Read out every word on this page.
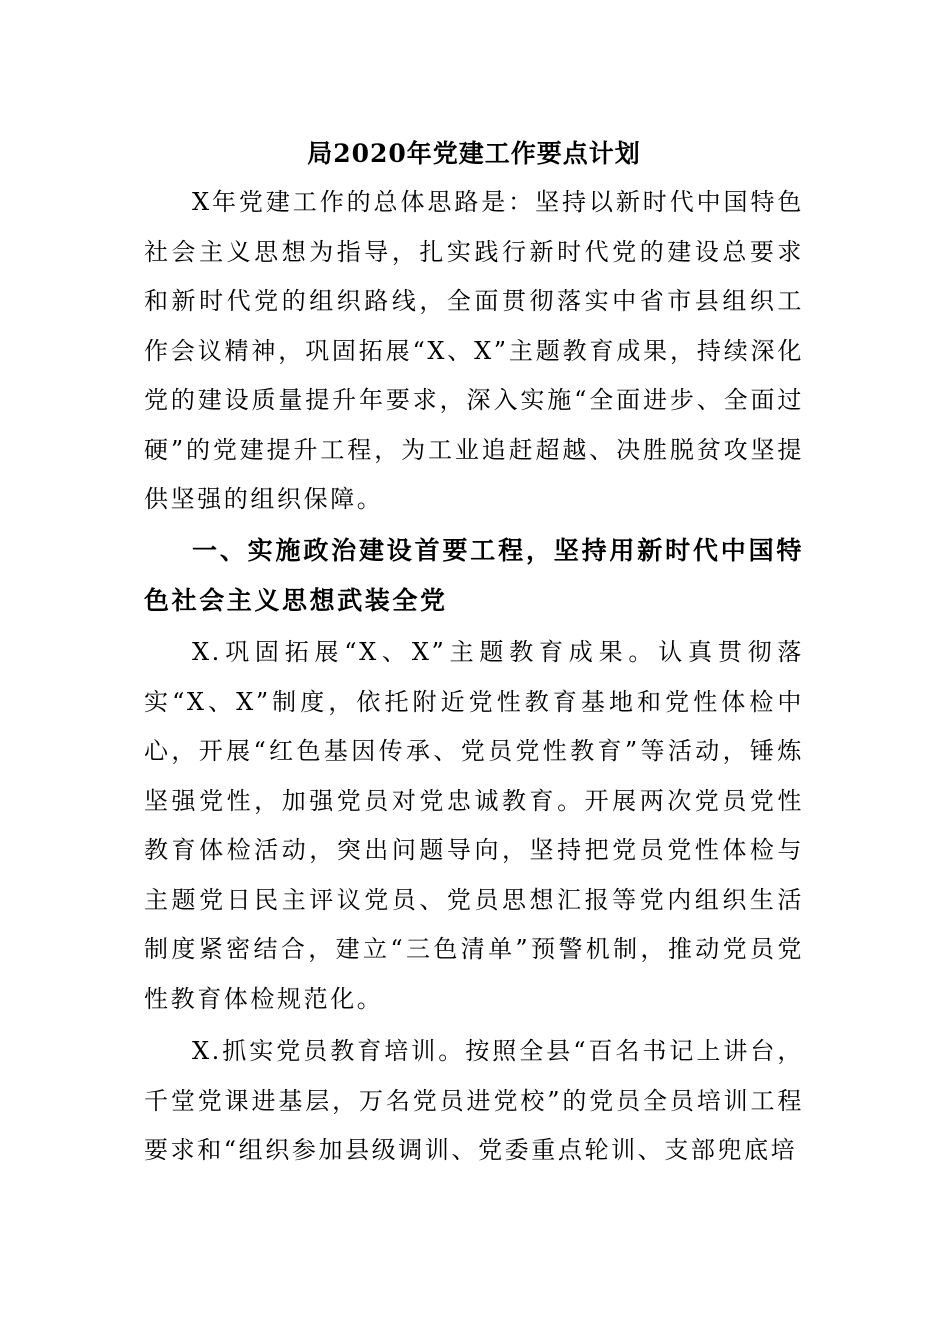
局2020年党建工作要点计划

X年党建工作的总体思路是：坚持以新时代中国特色社会主义思想为指导，扎实践行新时代党的建设总要求和新时代党的组织路线，全面贯彻落实中省市县组织工作会议精神，巩固拓展“X、X”主题教育成果，持续深化党的建设质量提升年要求，深入实施“全面进步、全面过硬”的党建提升工程，为工业追赶超越、决胜脱贫攻坚提供坚强的组织保障。

一、实施政治建设首要工程，坚持用新时代中国特色社会主义思想武装全党

X.巩固拓展“X、X”主题教育成果。认真贯彻落实“X、X”制度，依托附近党性教育基地和党性体检中心，开展“红色基因传承、党员党性教育”等活动，锤炼坚强党性，加强党员对党忠诚教育。开展两次党员党性教育体检活动，突出问题导向，坚持把党员党性体检与主题党日民主评议党员、党员思想汇报等党内组织生活制度紧密结合，建立“三色清单”预警机制，推动党员党性教育体检规范化。

X.抓实党员教育培训。按照全县“百名书记上讲台，千堂党课进基层，万名党员进党校”的党员全员培训工程要求和“组织参加县级调训、党委重点轮训、支部兜底培
